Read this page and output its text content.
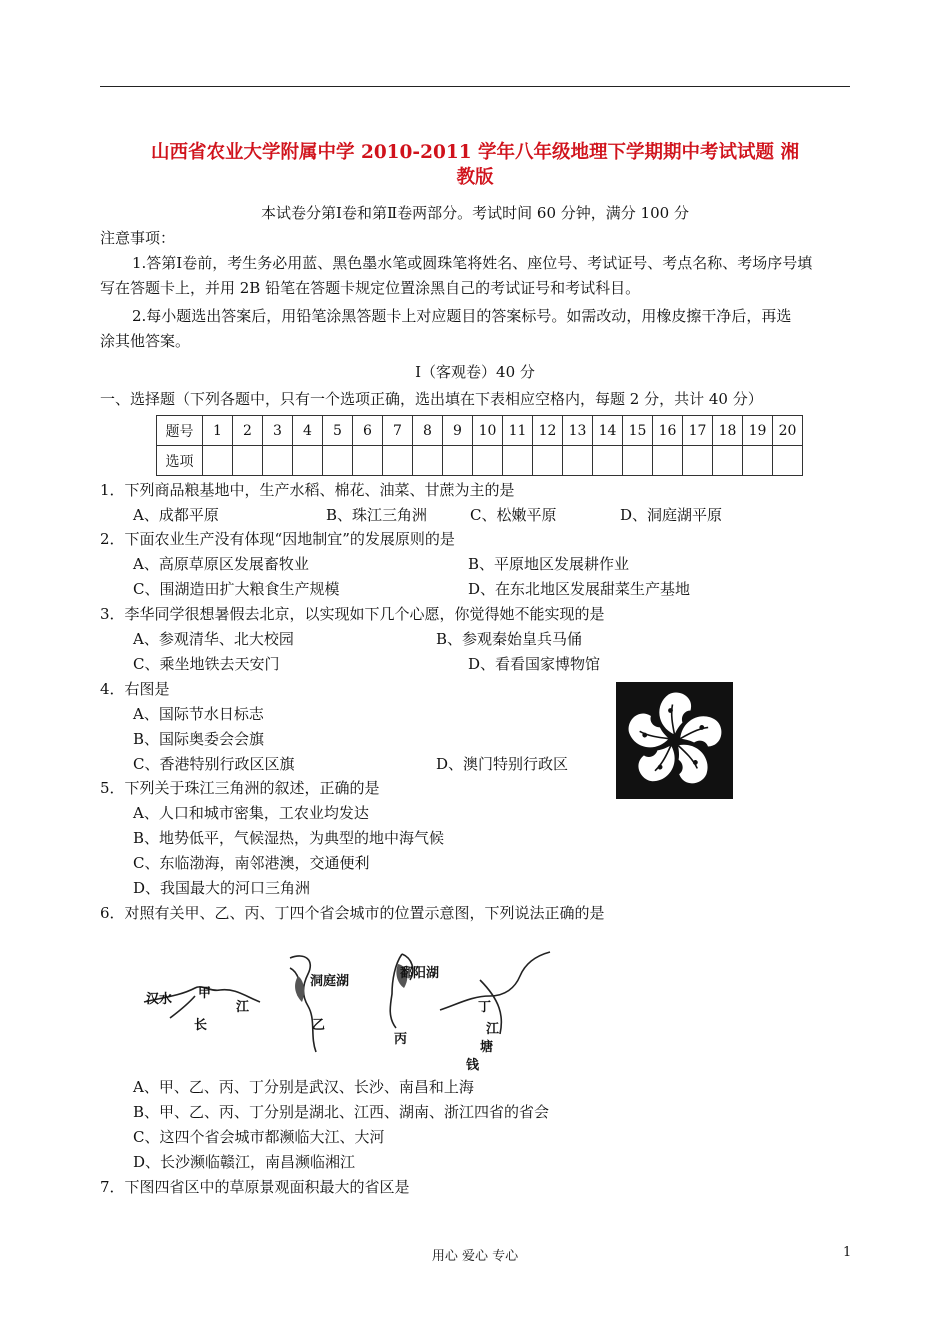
山西省农业大学附属中学 2010-2011 学年八年级地理下学期期中考试试题 湘
教版
本试卷分第Ⅰ卷和第Ⅱ卷两部分。考试时间 60 分钟，满分 100 分
注意事项：
1.答第Ⅰ卷前，考生务必用蓝、黑色墨水笔或圆珠笔将姓名、座位号、考试证号、考点名称、考场序号填
写在答题卡上，并用 2B 铅笔在答题卡规定位置涂黑自己的考试证号和考试科目。
2.每小题选出答案后，用铅笔涂黑答题卡上对应题目的答案标号。如需改动，用橡皮擦干净后，再选
涂其他答案。
Ⅰ（客观卷）40 分
一、选择题（下列各题中，只有一个选项正确，选出填在下表相应空格内，每题 2 分，共计 40 分）
题号	1	2	3	4	5	6	7	8	9	10	11	12	13	14	15	16	17	18	19	20
选项																				
1．下列商品粮基地中，生产水稻、棉花、油菜、甘蔗为主的是
A、成都平原	B、珠江三角洲	C、松嫩平原	D、洞庭湖平原
2．下面农业生产没有体现“因地制宜”的发展原则的是
A、高原草原区发展畜牧业	B、平原地区发展耕作业
C、围湖造田扩大粮食生产规模	D、在东北地区发展甜菜生产基地
3．李华同学很想暑假去北京，以实现如下几个心愿，你觉得她不能实现的是
A、参观清华、北大校园	B、参观秦始皇兵马俑
C、乘坐地铁去天安门	D、看看国家博物馆
4．右图是
A、国际节水日标志
B、国际奥委会会旗
C、香港特别行政区区旗	D、澳门特别行政区
5．下列关于珠江三角洲的叙述，正确的是
A、人口和城市密集，工农业均发达
B、地势低平，气候湿热，为典型的地中海气候
C、东临渤海，南邻港澳，交通便利
D、我国最大的河口三角洲
6．对照有关甲、乙、丙、丁四个省会城市的位置示意图，下列说法正确的是
汉水 甲
江
长
洞庭湖
乙
鄱阳湖
丙
丁
江
塘
钱
A、甲、乙、丙、丁分别是武汉、长沙、南昌和上海
B、甲、乙、丙、丁分别是湖北、江西、湖南、浙江四省的省会
C、这四个省会城市都濒临大江、大河
D、长沙濒临赣江，南昌濒临湘江
7．下图四省区中的草原景观面积最大的省区是
用心 爱心 专心	1
